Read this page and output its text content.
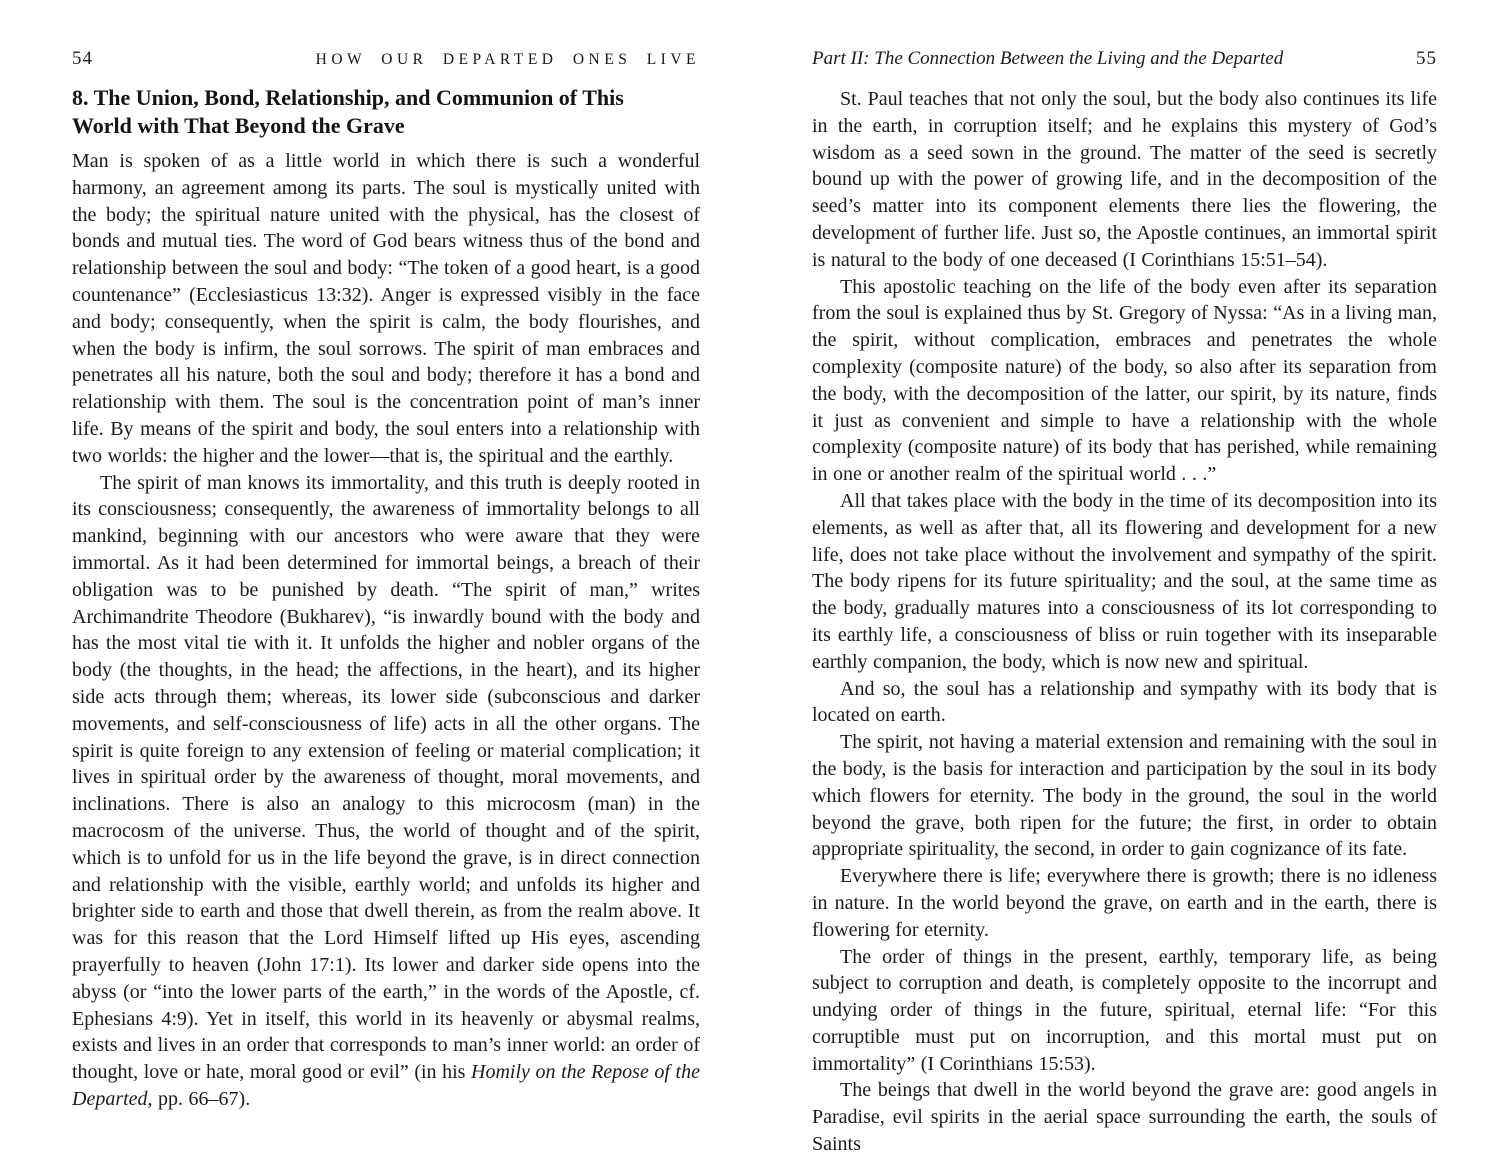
54	HOW OUR DEPARTED ONES LIVE
8. The Union, Bond, Relationship, and Communion of This World with That Beyond the Grave

Man is spoken of as a little world in which there is such a wonderful harmony, an agreement among its parts. The soul is mystically united with the body; the spiritual nature united with the physical, has the closest of bonds and mutual ties. The word of God bears witness thus of the bond and relationship between the soul and body: “The token of a good heart, is a good countenance” (Ecclesiasticus 13:32). Anger is expressed visibly in the face and body; consequently, when the spirit is calm, the body flourishes, and when the body is infirm, the soul sorrows. The spirit of man embraces and penetrates all his nature, both the soul and body; therefore it has a bond and relationship with them. The soul is the concentration point of man’s inner life. By means of the spirit and body, the soul enters into a relationship with two worlds: the higher and the lower—that is, the spiritual and the earthly.

The spirit of man knows its immortality, and this truth is deeply rooted in its consciousness; consequently, the awareness of immortality belongs to all mankind, beginning with our ancestors who were aware that they were immortal. As it had been determined for immortal beings, a breach of their obligation was to be punished by death. “The spirit of man,” writes Archimandrite Theodore (Bukharev), “is inwardly bound with the body and has the most vital tie with it. It unfolds the higher and nobler organs of the body (the thoughts, in the head; the affections, in the heart), and its higher side acts through them; whereas, its lower side (subconscious and darker movements, and self-consciousness of life) acts in all the other organs. The spirit is quite foreign to any extension of feeling or material complication; it lives in spiritual order by the awareness of thought, moral movements, and inclinations. There is also an analogy to this microcosm (man) in the macrocosm of the universe. Thus, the world of thought and of the spirit, which is to unfold for us in the life beyond the grave, is in direct connection and relationship with the visible, earthly world; and unfolds its higher and brighter side to earth and those that dwell therein, as from the realm above. It was for this reason that the Lord Himself lifted up His eyes, ascending prayerfully to heaven (John 17:1). Its lower and darker side opens into the abyss (or “into the lower parts of the earth,” in the words of the Apostle, cf. Ephesians 4:9). Yet in itself, this world in its heavenly or abysmal realms, exists and lives in an order that corresponds to man’s inner world: an order of thought, love or hate, moral good or evil” (in his Homily on the Repose of the Departed, pp. 66–67).

Part II: The Connection Between the Living and the Departed	55

St. Paul teaches that not only the soul, but the body also continues its life in the earth, in corruption itself; and he explains this mystery of God’s wisdom as a seed sown in the ground. The matter of the seed is secretly bound up with the power of growing life, and in the decomposition of the seed’s matter into its component elements there lies the flowering, the development of further life. Just so, the Apostle continues, an immortal spirit is natural to the body of one deceased (I Corinthians 15:51–54).

This apostolic teaching on the life of the body even after its separation from the soul is explained thus by St. Gregory of Nyssa: “As in a living man, the spirit, without complication, embraces and penetrates the whole complexity (composite nature) of the body, so also after its separation from the body, with the decomposition of the latter, our spirit, by its nature, finds it just as convenient and simple to have a relationship with the whole complexity (composite nature) of its body that has perished, while remaining in one or another realm of the spiritual world . . .”

All that takes place with the body in the time of its decomposition into its elements, as well as after that, all its flowering and development for a new life, does not take place without the involvement and sympathy of the spirit. The body ripens for its future spirituality; and the soul, at the same time as the body, gradually matures into a consciousness of its lot corresponding to its earthly life, a consciousness of bliss or ruin together with its inseparable earthly companion, the body, which is now new and spiritual.

And so, the soul has a relationship and sympathy with its body that is located on earth.

The spirit, not having a material extension and remaining with the soul in the body, is the basis for interaction and participation by the soul in its body which flowers for eternity. The body in the ground, the soul in the world beyond the grave, both ripen for the future; the first, in order to obtain appropriate spirituality, the second, in order to gain cognizance of its fate.

Everywhere there is life; everywhere there is growth; there is no idleness in nature. In the world beyond the grave, on earth and in the earth, there is flowering for eternity.

The order of things in the present, earthly, temporary life, as being subject to corruption and death, is completely opposite to the incorrupt and undying order of things in the future, spiritual, eternal life: “For this corruptible must put on incorruption, and this mortal must put on immortality” (I Corinthians 15:53).

The beings that dwell in the world beyond the grave are: good angels in Paradise, evil spirits in the aerial space surrounding the earth, the souls of Saints
